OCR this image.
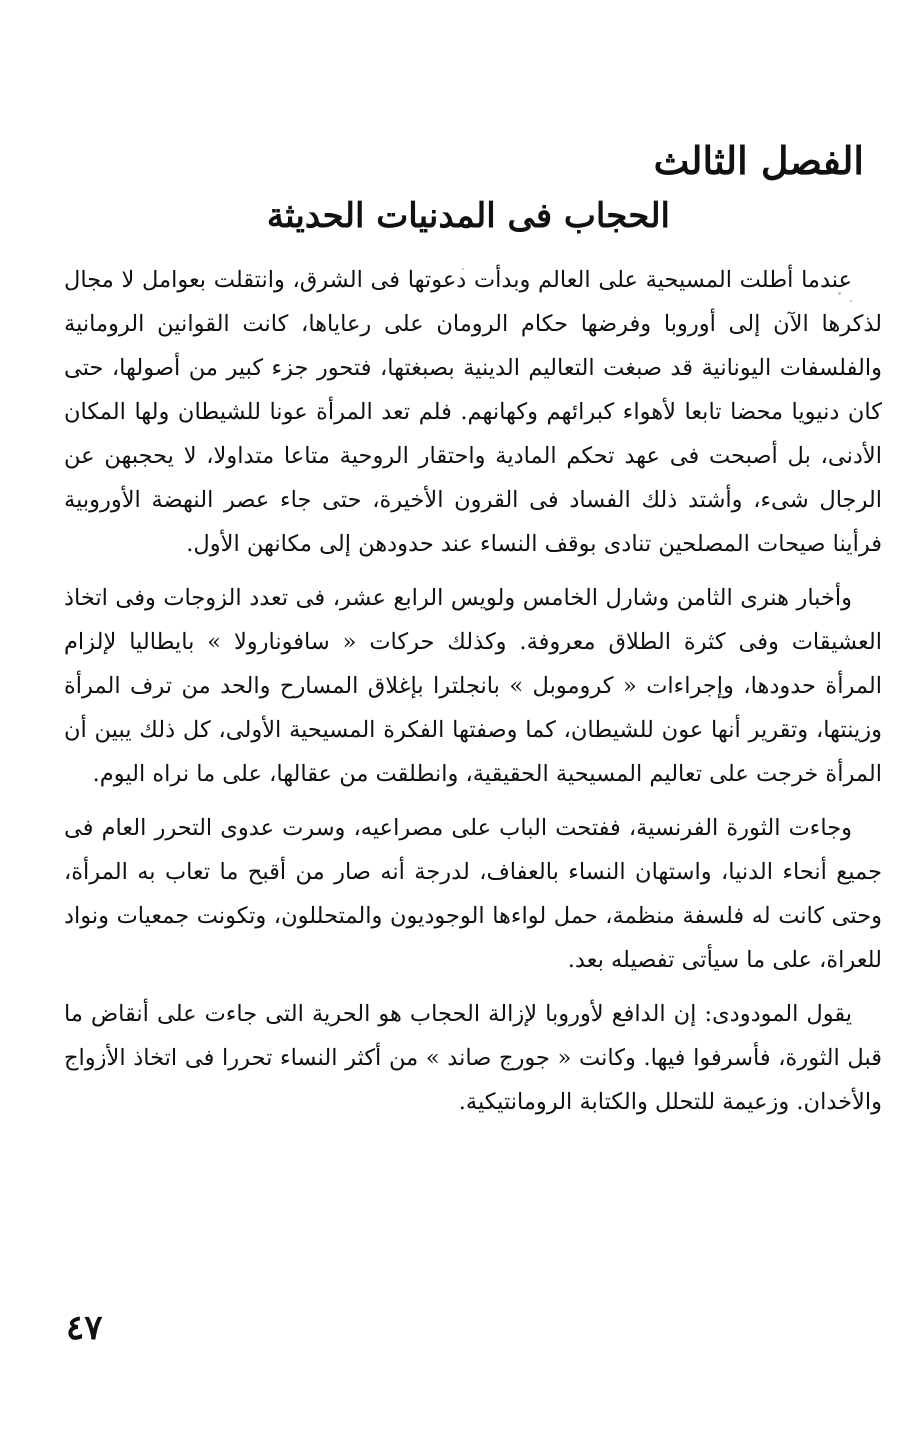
الفصل الثالث
الحجاب فى المدنيات الحديثة

عندما أطلت المسيحية على العالم وبدأت دعوتها فى الشرق، وانتقلت بعوامل لا مجال لذكرها الآن إلى أوروبا وفرضها حكام الرومان على رعاياها، كانت القوانين الرومانية والفلسفات اليونانية قد صبغت التعاليم الدينية بصبغتها، فتحور جزء كبير من أصولها، حتى كان دنيويا محضا تابعا لأهواء كبرائهم وكهانهم. فلم تعد المرأة عونا للشيطان ولها المكان الأدنى، بل أصبحت فى عهد تحكم المادية واحتقار الروحية متاعا متداولا، لا يحجبهن عن الرجال شىء، وأشتد ذلك الفساد فى القرون الأخيرة، حتى جاء عصر النهضة الأوروبية فرأينا صيحات المصلحين تنادى بوقف النساء عند حدودهن إلى مكانهن الأول.

وأخبار هنرى الثامن وشارل الخامس ولويس الرابع عشر، فى تعدد الزوجات وفى اتخاذ العشيقات وفى كثرة الطلاق معروفة. وكذلك حركات « سافونارولا » بايطاليا لإلزام المرأة حدودها، وإجراءات « كروموبل » بانجلترا بإغلاق المسارح والحد من ترف المرأة وزينتها، وتقرير أنها عون للشيطان، كما وصفتها الفكرة المسيحية الأولى، كل ذلك يبين أن المرأة خرجت على تعاليم المسيحية الحقيقية، وانطلقت من عقالها، على ما نراه اليوم.

وجاءت الثورة الفرنسية، ففتحت الباب على مصراعيه، وسرت عدوى التحرر العام فى جميع أنحاء الدنيا، واستهان النساء بالعفاف، لدرجة أنه صار من أقبح ما تعاب به المرأة، وحتى كانت له فلسفة منظمة، حمل لواءها الوجوديون والمتحللون، وتكونت جمعيات ونواد للعراة، على ما سيأتى تفصيله بعد.

يقول المودودى: إن الدافع لأوروبا لإزالة الحجاب هو الحرية التى جاءت على أنقاض ما قبل الثورة، فأسرفوا فيها. وكانت « جورج صاند » من أكثر النساء تحررا فى اتخاذ الأزواج والأخدان. وزعيمة للتحلل والكتابة الرومانتيكية.

٤٧
